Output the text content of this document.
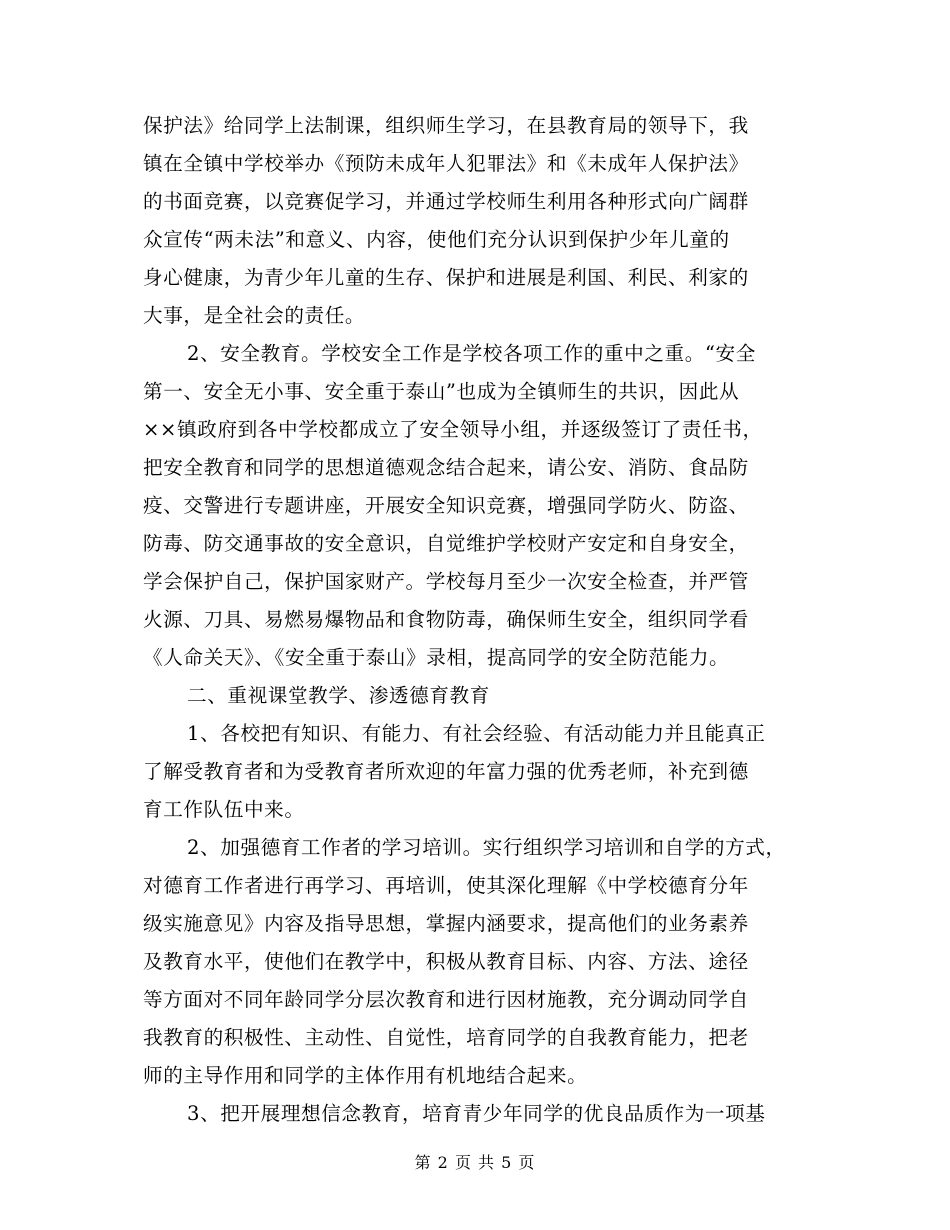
保护法》给同学上法制课，组织师生学习，在县教育局的领导下，我
镇在全镇中学校举办《预防未成年人犯罪法》和《未成年人保护法》
的书面竞赛，以竞赛促学习，并通过学校师生利用各种形式向广阔群
众宣传“两未法”和意义、内容，使他们充分认识到保护少年儿童的
身心健康，为青少年儿童的生存、保护和进展是利国、利民、利家的
大事，是全社会的责任。
2、安全教育。学校安全工作是学校各项工作的重中之重。“安全
第一、安全无小事、安全重于泰山”也成为全镇师生的共识，因此从
××镇政府到各中学校都成立了安全领导小组，并逐级签订了责任书，
把安全教育和同学的思想道德观念结合起来，请公安、消防、食品防
疫、交警进行专题讲座，开展安全知识竞赛，增强同学防火、防盗、
防毒、防交通事故的安全意识，自觉维护学校财产安定和自身安全，
学会保护自己，保护国家财产。学校每月至少一次安全检查，并严管
火源、刀具、易燃易爆物品和食物防毒，确保师生安全，组织同学看
《人命关天》、《安全重于泰山》录相，提高同学的安全防范能力。
二、重视课堂教学、渗透德育教育
1、各校把有知识、有能力、有社会经验、有活动能力并且能真正
了解受教育者和为受教育者所欢迎的年富力强的优秀老师，补充到德
育工作队伍中来。
2、加强德育工作者的学习培训。实行组织学习培训和自学的方式，
对德育工作者进行再学习、再培训，使其深化理解《中学校德育分年
级实施意见》内容及指导思想，掌握内涵要求，提高他们的业务素养
及教育水平，使他们在教学中，积极从教育目标、内容、方法、途径
等方面对不同年龄同学分层次教育和进行因材施教，充分调动同学自
我教育的积极性、主动性、自觉性，培育同学的自我教育能力，把老
师的主导作用和同学的主体作用有机地结合起来。
3、把开展理想信念教育，培育青少年同学的优良品质作为一项基
第 2 页 共 5 页
